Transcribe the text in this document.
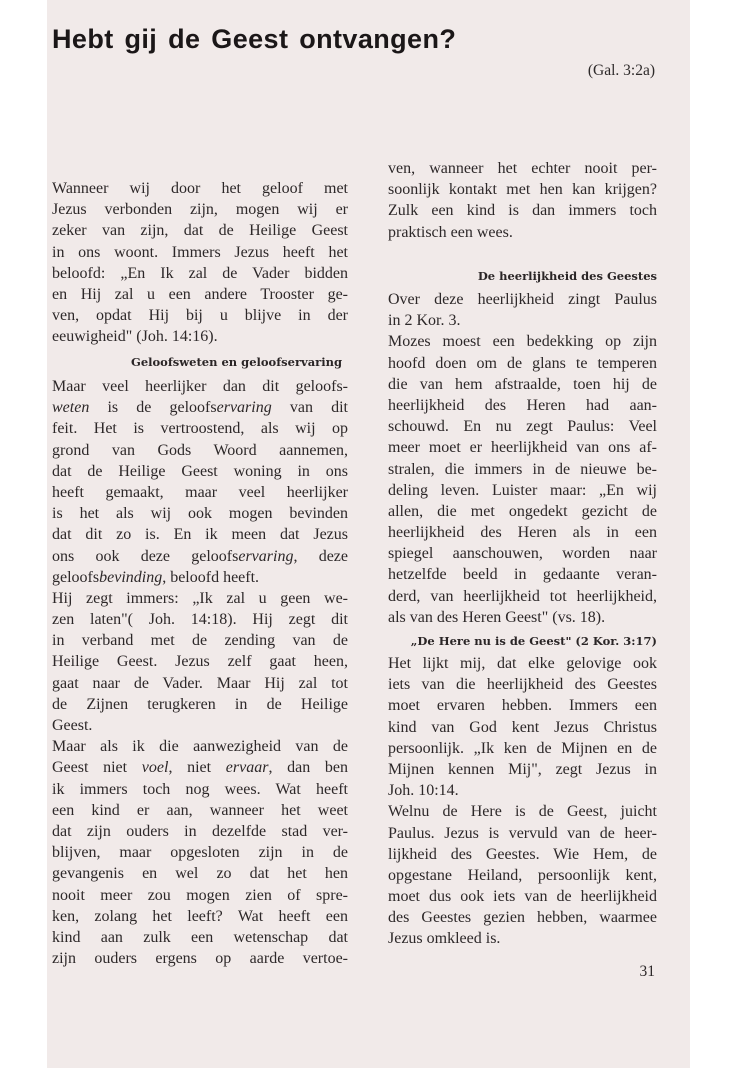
Hebt gij de Geest ontvangen?
(Gal. 3:2a)
Wanneer wij door het geloof met
Jezus verbonden zijn, mogen wij er
zeker van zijn, dat de Heilige Geest
in ons woont. Immers Jezus heeft het
beloofd: „En Ik zal de Vader bidden
en Hij zal u een andere Trooster ge-
ven, opdat Hij bij u blijve in der
eeuwigheid" (Joh. 14:16).
Geloofsweten en geloofservaring
Maar veel heerlijker dan dit geloofs-
weten is de geloofservaring van dit
feit. Het is vertroostend, als wij op
grond van Gods Woord aannemen,
dat de Heilige Geest woning in ons
heeft gemaakt, maar veel heerlijker
is het als wij ook mogen bevinden
dat dit zo is. En ik meen dat Jezus
ons ook deze geloofservaring, deze
geloofsbevinding, beloofd heeft.
Hij zegt immers: „Ik zal u geen we-
zen laten"( Joh. 14:18). Hij zegt dit
in verband met de zending van de
Heilige Geest. Jezus zelf gaat heen,
gaat naar de Vader. Maar Hij zal tot
de Zijnen terugkeren in de Heilige
Geest.
Maar als ik die aanwezigheid van de
Geest niet voel, niet ervaar, dan ben
ik immers toch nog wees. Wat heeft
een kind er aan, wanneer het weet
dat zijn ouders in dezelfde stad ver-
blijven, maar opgesloten zijn in de
gevangenis en wel zo dat het hen
nooit meer zou mogen zien of spre-
ken, zolang het leeft? Wat heeft een
kind aan zulk een wetenschap dat
zijn ouders ergens op aarde vertoe-
ven, wanneer het echter nooit per-
soonlijk kontakt met hen kan krijgen?
Zulk een kind is dan immers toch
praktisch een wees.
De heerlijkheid des Geestes
Over deze heerlijkheid zingt Paulus
in 2 Kor. 3.
Mozes moest een bedekking op zijn
hoofd doen om de glans te temperen
die van hem afstraalde, toen hij de
heerlijkheid des Heren had aan-
schouwd. En nu zegt Paulus: Veel
meer moet er heerlijkheid van ons af-
stralen, die immers in de nieuwe be-
deling leven. Luister maar: „En wij
allen, die met ongedekt gezicht de
heerlijkheid des Heren als in een
spiegel aanschouwen, worden naar
hetzelfde beeld in gedaante veran-
derd, van heerlijkheid tot heerlijkheid,
als van des Heren Geest" (vs. 18).
„De Here nu is de Geest" (2 Kor. 3:17)
Het lijkt mij, dat elke gelovige ook
iets van die heerlijkheid des Geestes
moet ervaren hebben. Immers een
kind van God kent Jezus Christus
persoonlijk. „Ik ken de Mijnen en de
Mijnen kennen Mij", zegt Jezus in
Joh. 10:14.
Welnu de Here is de Geest, juicht
Paulus. Jezus is vervuld van de heer-
lijkheid des Geestes. Wie Hem, de
opgestane Heiland, persoonlijk kent,
moet dus ook iets van de heerlijkheid
des Geestes gezien hebben, waarmee
Jezus omkleed is.
31
